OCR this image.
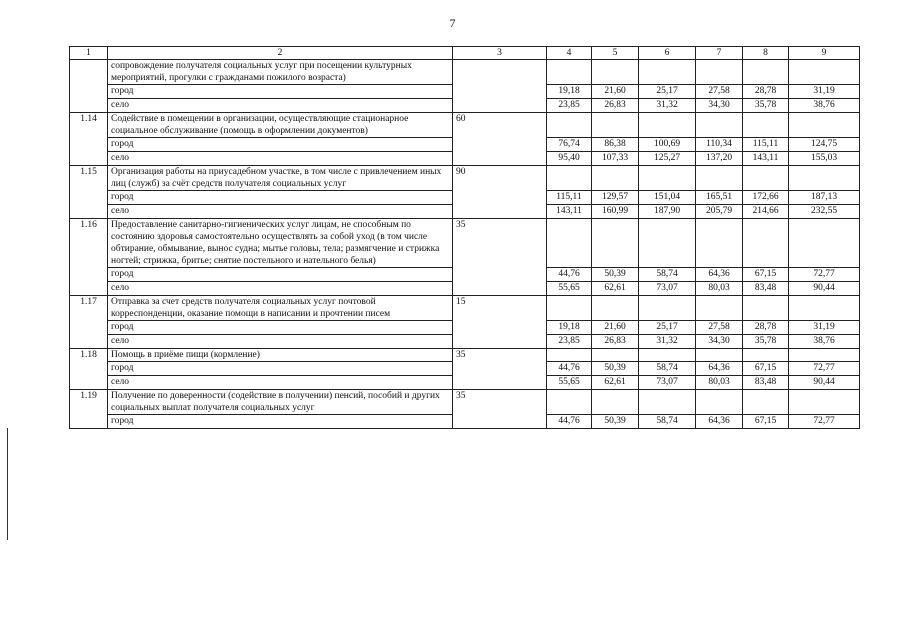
7
1	2	3	4	5	6	7	8	9
	сопровождение получателя социальных услуг при посещении культурных мероприятий, прогулки с гражданами пожилого возраста)							
	город		19,18	21,60	25,17	27,58	28,78	31,19
	село		23,85	26,83	31,32	34,30	35,78	38,76
1.14	Содействие в помещении в организации, осуществляющие стационарное социальное обслуживание (помощь в оформлении документов)	60						
	город		76,74	86,38	100,69	110,34	115,11	124,75
	село		95,40	107,33	125,27	137,20	143,11	155,03
1.15	Организация работы на приусадебном участке, в том числе с привлечением иных лиц (служб) за счёт средств получателя социальных услуг	90						
	город		115,11	129,57	151,04	165,51	172,66	187,13
	село		143,11	160,99	187,90	205,79	214,66	232,55
1.16	Предоставление санитарно-гигиенических услуг лицам, не способным по состоянию здоровья самостоятельно осуществлять за собой уход (в том числе обтирание, обмывание, вынос судна; мытье головы, тела; размягчение и стрижка ногтей; стрижка, бритье; снятие постельного и нательного белья)	35						
	город		44,76	50,39	58,74	64,36	67,15	72,77
	село		55,65	62,61	73,07	80,03	83,48	90,44
1.17	Отправка за счет средств получателя социальных услуг почтовой корреспонденции, оказание помощи в написании и прочтении писем	15						
	город		19,18	21,60	25,17	27,58	28,78	31,19
	село		23,85	26,83	31,32	34,30	35,78	38,76
1.18	Помощь в приёме пищи (кормление)	35						
	город		44,76	50,39	58,74	64,36	67,15	72,77
	село		55,65	62,61	73,07	80,03	83,48	90,44
1.19	Получение по доверенности (содействие в получении) пенсий, пособий и других социальных выплат получателя социальных услуг	35						
	город		44,76	50,39	58,74	64,36	67,15	72,77
